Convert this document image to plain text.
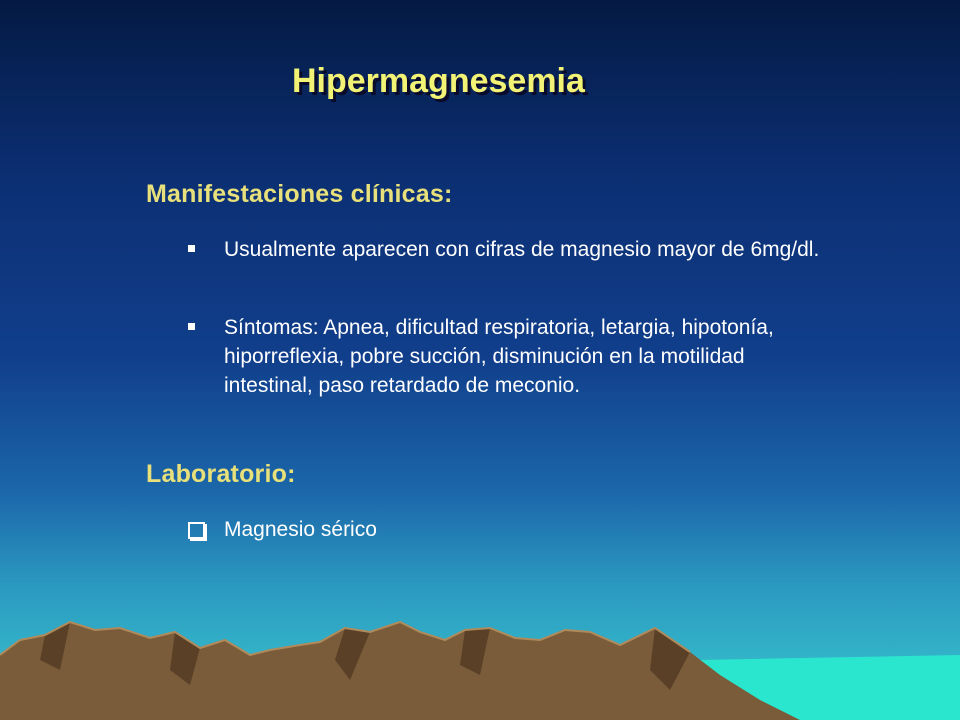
Hipermagnesemia
Manifestaciones clínicas:
Usualmente aparecen con cifras de magnesio mayor de 6mg/dl.
Síntomas: Apnea, dificultad respiratoria, letargia, hipotonía, hiporreflexia, pobre succión, disminución en la motilidad intestinal, paso retardado de meconio.
Laboratorio:
Magnesio sérico
